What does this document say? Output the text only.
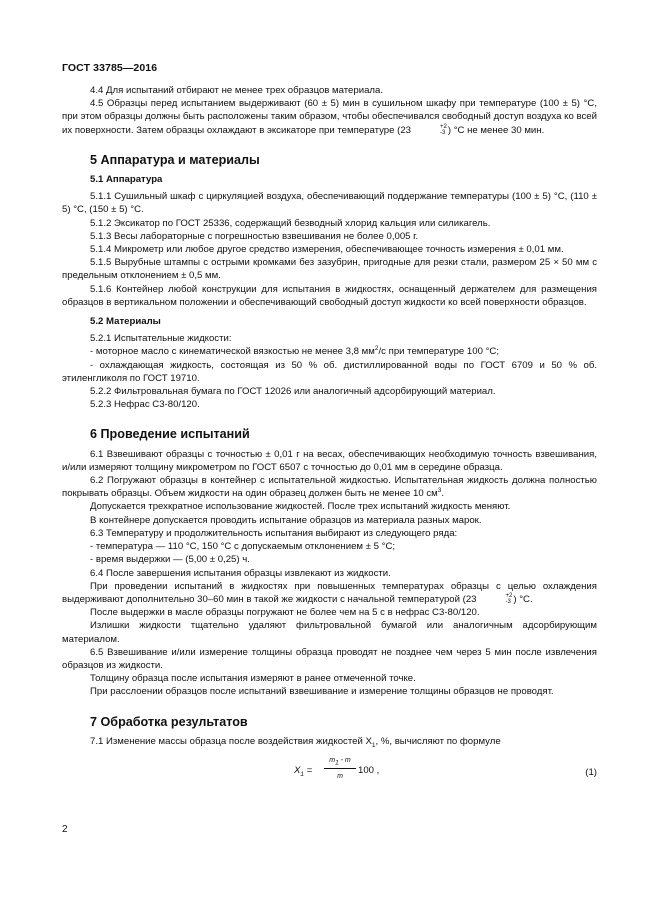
ГОСТ 33785—2016

4.4 Для испытаний отбирают не менее трех образцов материала.

4.5 Образцы перед испытанием выдерживают (60 ± 5) мин в сушильном шкафу при температуре (100 ± 5) °C, при этом образцы должны быть расположены таким образом, чтобы обеспечивался свободный доступ воздуха ко всей их поверхности. Затем образцы охлаждают в эксикаторе при температуре (23	+2
-3 ) °C не менее 30 мин.

5 Аппаратура и материалы

5.1 Аппаратура

5.1.1 Сушильный шкаф с циркуляцией воздуха, обеспечивающий поддержание температуры (100 ± 5) °C, (110 ± 5) °C, (150 ± 5) °C.

5.1.2 Эксикатор по ГОСТ 25336, содержащий безводный хлорид кальция или силикагель.

5.1.3 Весы лабораторные с погрешностью взвешивания не более 0,005 г.

5.1.4 Микрометр или любое другое средство измерения, обеспечивающее точность измерения ± 0,01 мм.

5.1.5 Вырубные штампы с острыми кромками без зазубрин, пригодные для резки стали, размером 25 × 50 мм с предельным отклонением ± 0,5 мм.

5.1.6 Контейнер любой конструкции для испытания в жидкостях, оснащенный держателем для размещения образцов в вертикальном положении и обеспечивающий свободный доступ жидкости ко всей поверхности образцов.

5.2 Материалы

5.2.1 Испытательные жидкости:

- моторное масло с кинематической вязкостью не менее 3,8 $мм^2/с$ при температуре 100 °С;

- охлаждающая жидкость, состоящая из 50 % об. дистиллированной воды по ГОСТ 6709 и 50 % об. этиленгликоля по ГОСТ 19710.

5.2.2 Фильтровальная бумага по ГОСТ 12026 или аналогичный адсорбирующий материал.

5.2.3 Нефрас С3-80/120.

6 Проведение испытаний

6.1 Взвешивают образцы с точностью ± 0,01 г на весах, обеспечивающих необходимую точность взвешивания, и/или измеряют толщину микрометром по ГОСТ 6507 с точностью до 0,01 мм в середине образца.

6.2 Погружают образцы в контейнер с испытательной жидкостью. Испытательная жидкость должна полностью покрывать образцы. Объем жидкости на один образец должен быть не менее 10 $см^3$.

Допускается трехкратное использование жидкостей. После трех испытаний жидкость меняют.

В контейнере допускается проводить испытание образцов из материала разных марок.

6.3 Температуру и продолжительность испытания выбирают из следующего ряда:

- температура — 110 °С, 150 °С с допускаемым отклонением ± 5 °С;

- время выдержки — (5,00 ± 0,25) ч.

6.4 После завершения испытания образцы извлекают из жидкости.

При проведении испытаний в жидкостях при повышенных температурах образцы с целью охлаждения выдерживают дополнительно 30–60 мин в такой же жидкости с начальной температурой (23	+2
-3 ) °С.

После выдержки в масле образцы погружают не более чем на 5 с в нефрас С3-80/120.

Излишки жидкости тщательно удаляют фильтровальной бумагой или аналогичным адсорбирующим материалом.

6.5 Взвешивание и/или измерение толщины образца проводят не позднее чем через 5 мин после извлечения образцов из жидкости.

Толщину образца после испытания измеряют в ранее отмеченной точке.

При расслоении образцов после испытаний взвешивание и измерение толщины образцов не проводят.

7 Обработка результатов

7.1 Изменение массы образца после воздействия жидкостей $X_1$, %, вычисляют по формуле

$X_1 = \frac{m_1 - m}{m} 100$ ,	(1)
2
